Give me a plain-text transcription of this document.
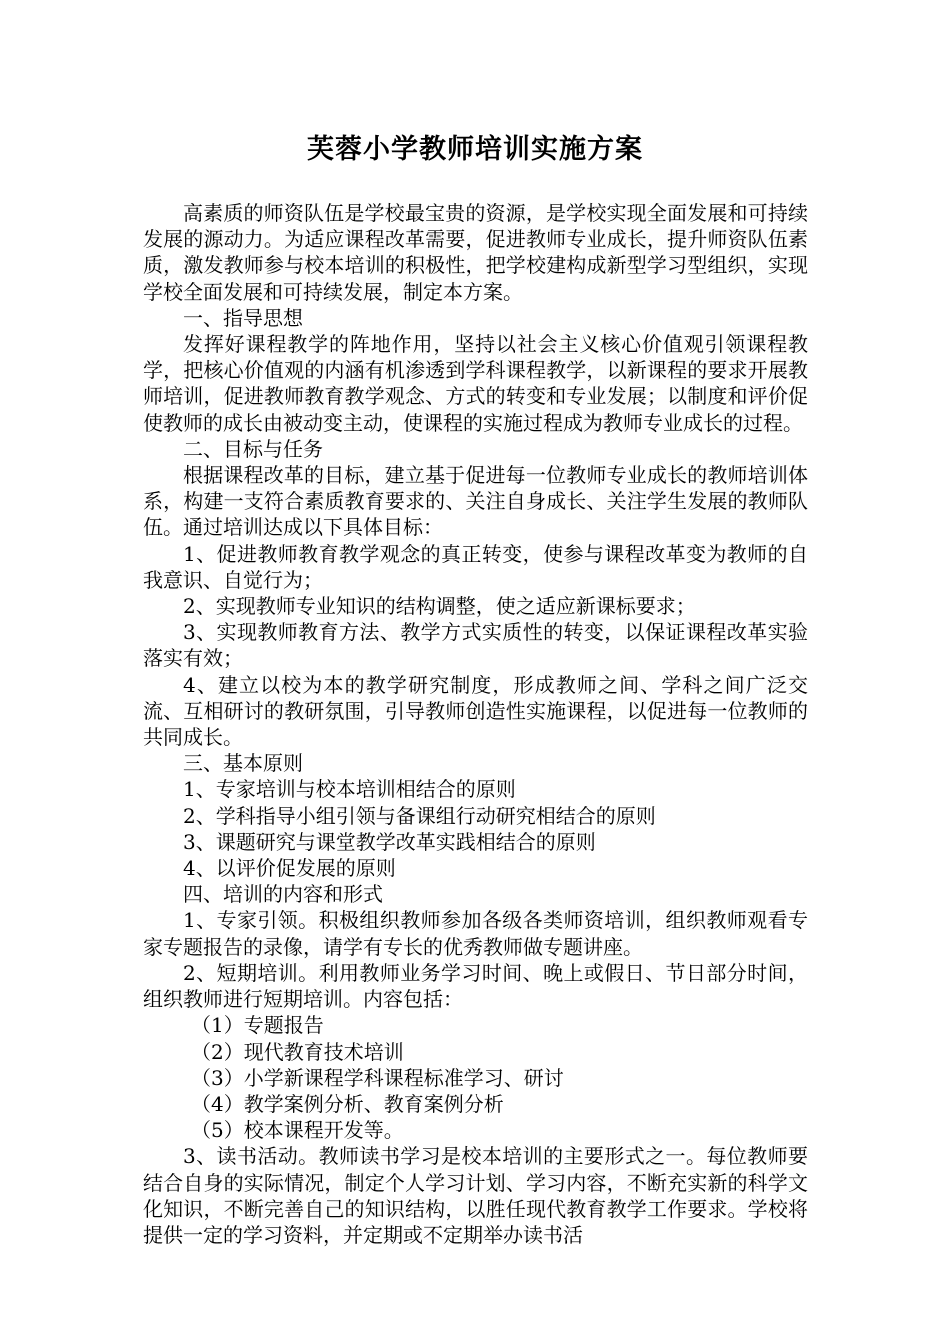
芙蓉小学教师培训实施方案

高素质的师资队伍是学校最宝贵的资源，是学校实现全面发展和可持续发展的源动力。为适应课程改革需要，促进教师专业成长，提升师资队伍素质，激发教师参与校本培训的积极性，把学校建构成新型学习型组织，实现学校全面发展和可持续发展，制定本方案。

一、指导思想

发挥好课程教学的阵地作用，坚持以社会主义核心价值观引领课程教学，把核心价值观的内涵有机渗透到学科课程教学，以新课程的要求开展教师培训，促进教师教育教学观念、方式的转变和专业发展；以制度和评价促使教师的成长由被动变主动，使课程的实施过程成为教师专业成长的过程。

二、目标与任务

根据课程改革的目标，建立基于促进每一位教师专业成长的教师培训体系，构建一支符合素质教育要求的、关注自身成长、关注学生发展的教师队伍。通过培训达成以下具体目标：

1、促进教师教育教学观念的真正转变，使参与课程改革变为教师的自我意识、自觉行为；

2、实现教师专业知识的结构调整，使之适应新课标要求；

3、实现教师教育方法、教学方式实质性的转变，以保证课程改革实验落实有效；

4、建立以校为本的教学研究制度，形成教师之间、学科之间广泛交流、互相研讨的教研氛围，引导教师创造性实施课程，以促进每一位教师的共同成长。

三、基本原则

1、专家培训与校本培训相结合的原则

2、学科指导小组引领与备课组行动研究相结合的原则

3、课题研究与课堂教学改革实践相结合的原则

4、以评价促发展的原则

四、培训的内容和形式

1、专家引领。积极组织教师参加各级各类师资培训，组织教师观看专家专题报告的录像，请学有专长的优秀教师做专题讲座。

2、短期培训。利用教师业务学习时间、晚上或假日、节日部分时间，组织教师进行短期培训。内容包括：

（1）专题报告

（2）现代教育技术培训

（3）小学新课程学科课程标准学习、研讨

（4）教学案例分析、教育案例分析

（5）校本课程开发等。

3、读书活动。教师读书学习是校本培训的主要形式之一。每位教师要结合自身的实际情况，制定个人学习计划、学习内容，不断充实新的科学文化知识，不断完善自己的知识结构，以胜任现代教育教学工作要求。学校将提供一定的学习资料，并定期或不定期举办读书活
